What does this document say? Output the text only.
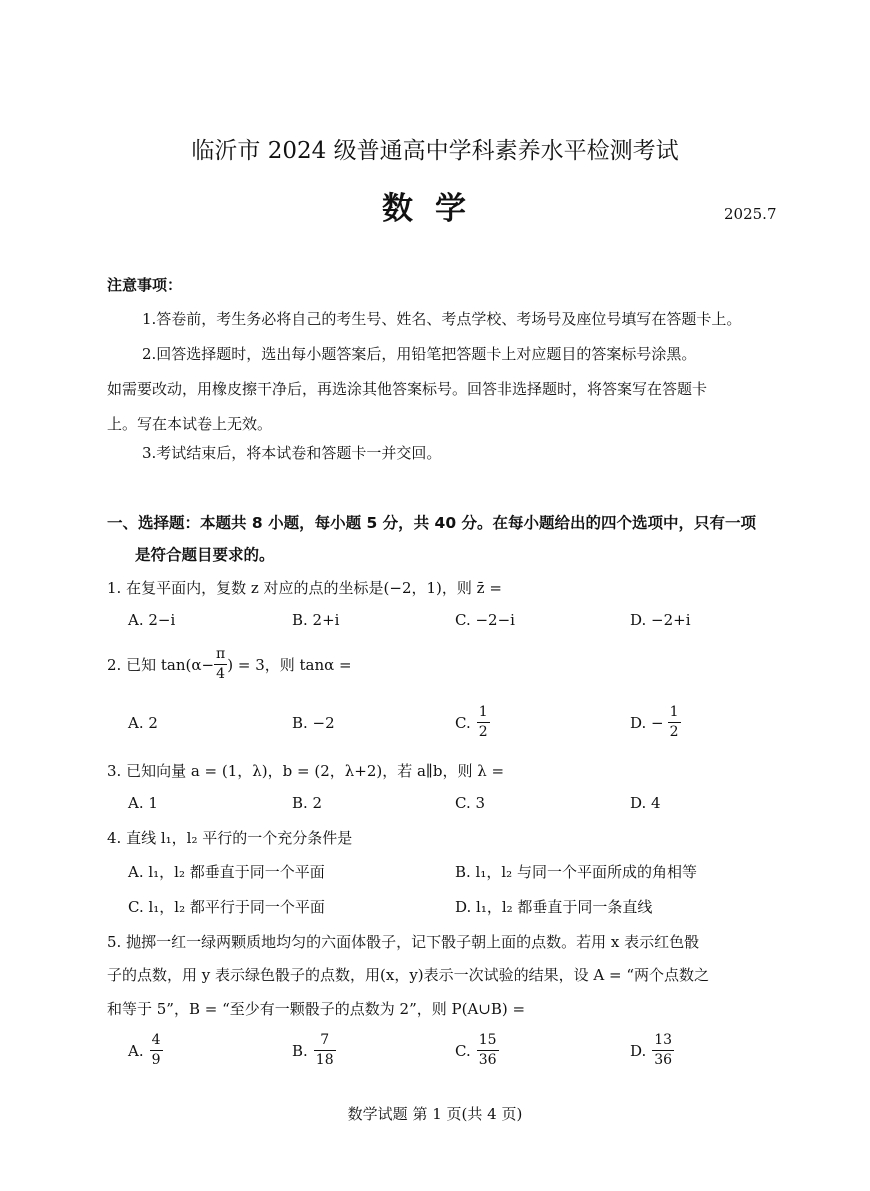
临沂市 2024 级普通高中学科素养水平检测考试
数学	2025.7
注意事项：
1.答卷前，考生务必将自己的考生号、姓名、考点学校、考场号及座位号填写在答题卡上。
2.回答选择题时，选出每小题答案后，用铅笔把答题卡上对应题目的答案标号涂黑。
如需要改动，用橡皮擦干净后，再选涂其他答案标号。回答非选择题时，将答案写在答题卡
上。写在本试卷上无效。
3.考试结束后，将本试卷和答题卡一并交回。
一、选择题：本题共 8 小题，每小题 5 分，共 40 分。在每小题给出的四个选项中，只有一项
是符合题目要求的。
1. 在复平面内，复数 z 对应的点的坐标是(−2，1)，则 z̄ =
A. 2−i	B. 2+i	C. −2−i	D. −2+i
2. 已知 $\tan(\alpha- \frac{\pi}{4}$ ) = 3，则 tanα =
A. 2	B. −2	C. $\frac{1}{2}$	D. − $\frac{1}{2}$
3. 已知向量 a = (1，λ)，b = (2，λ+2)，若 a∥b，则 λ =
A. 1	B. 2	C. 3	D. 4
4. 直线 l₁，l₂ 平行的一个充分条件是
A. l₁，l₂ 都垂直于同一个平面	B. l₁，l₂ 与同一个平面所成的角相等
C. l₁，l₂ 都平行于同一个平面	D. l₁，l₂ 都垂直于同一条直线
5. 抛掷一红一绿两颗质地均匀的六面体骰子，记下骰子朝上面的点数。若用 x 表示红色骰
子的点数，用 y 表示绿色骰子的点数，用(x，y)表示一次试验的结果，设 A = “两个点数之
和等于 5”，B = “至少有一颗骰子的点数为 2”，则 P(A∪B) =
A. $\frac{4}{9}$	B. $\frac{7}{18}$	C. $\frac{15}{36}$	D. $\frac{13}{36}$
数学试题 第 1 页(共 4 页)
